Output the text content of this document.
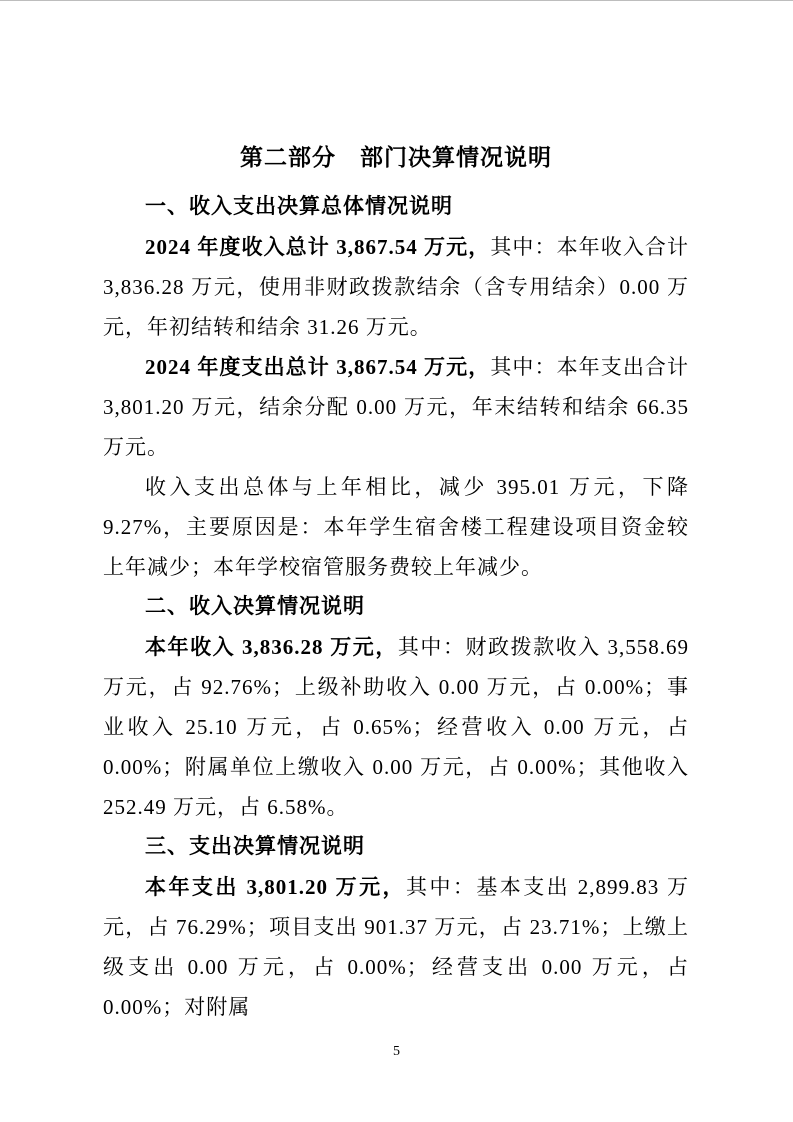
第二部分　部门决算情况说明
一、收入支出决算总体情况说明

2024 年度收入总计 3,867.54 万元，其中：本年收入合计 3,836.28 万元，使用非财政拨款结余（含专用结余）0.00 万元，年初结转和结余 31.26 万元。

2024 年度支出总计 3,867.54 万元，其中：本年支出合计 3,801.20 万元，结余分配 0.00 万元，年末结转和结余 66.35 万元。

收入支出总体与上年相比，减少 395.01 万元，下降 9.27%，主要原因是：本年学生宿舍楼工程建设项目资金较上年减少；本年学校宿管服务费较上年减少。

二、收入决算情况说明

本年收入 3,836.28 万元，其中：财政拨款收入 3,558.69 万元，占 92.76%；上级补助收入 0.00 万元，占 0.00%；事业收入 25.10 万元，占 0.65%；经营收入 0.00 万元，占 0.00%；附属单位上缴收入 0.00 万元，占 0.00%；其他收入 252.49 万元，占 6.58%。

三、支出决算情况说明

本年支出 3,801.20 万元，其中：基本支出 2,899.83 万元，占 76.29%；项目支出 901.37 万元，占 23.71%；上缴上级支出 0.00 万元，占 0.00%；经营支出 0.00 万元，占 0.00%；对附属

5
